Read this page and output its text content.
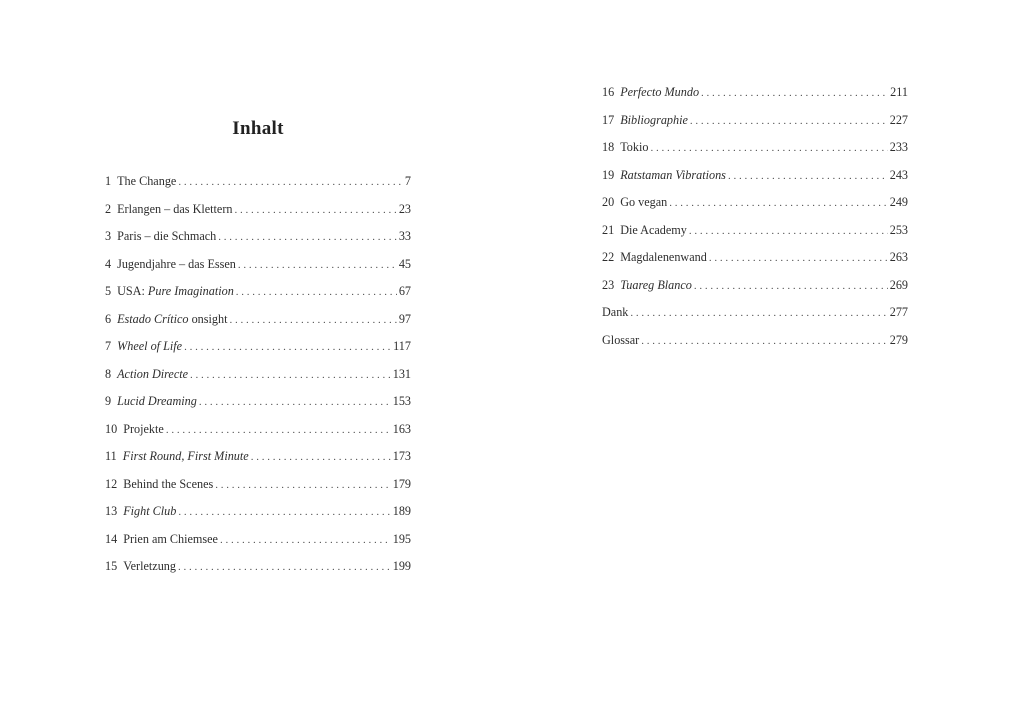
Inhalt
1 The Change . . .	7
2 Erlangen – das Klettern . . .	23
3 Paris – die Schmach . . .	33
4 Jugendjahre – das Essen . . .	45
5 USA: Pure Imagination . . .	67
6 Estado Crítico onsight . . .	97
7 Wheel of Life . . .	117
8 Action Directe . . .	131
9 Lucid Dreaming . . .	153
10 Projekte . . .	163
11 First Round, First Minute . . .	173
12 Behind the Scenes . . .	179
13 Fight Club . . .	189
14 Prien am Chiemsee . . .	195
15 Verletzung . . .	199
16 Perfecto Mundo . . .	211
17 Bibliographie . . .	227
18 Tokio . . .	233
19 Ratstaman Vibrations . . .	243
20 Go vegan . . .	249
21 Die Academy . . .	253
22 Magdalenenwand . . .	263
23 Tuareg Blanco . . .	269
Dank . . .	277
Glossar . . .	279
